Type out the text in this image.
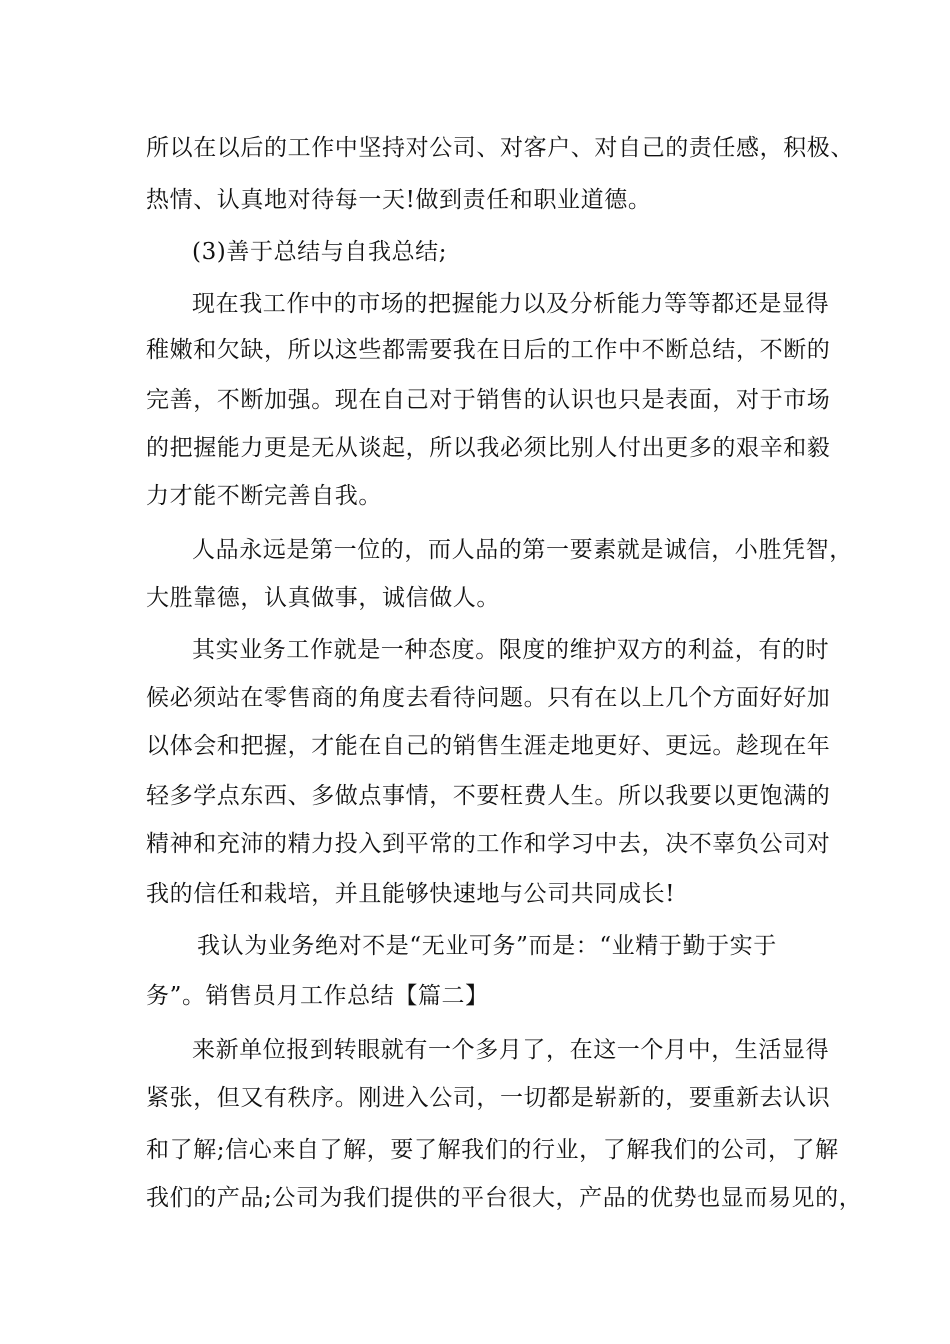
所以在以后的工作中坚持对公司、对客户、对自己的责任感，积极、
热情、认真地对待每一天!做到责任和职业道德。
(3)善于总结与自我总结;
现在我工作中的市场的把握能力以及分析能力等等都还是显得
稚嫩和欠缺，所以这些都需要我在日后的工作中不断总结，不断的
完善，不断加强。现在自己对于销售的认识也只是表面，对于市场
的把握能力更是无从谈起，所以我必须比别人付出更多的艰辛和毅
力才能不断完善自我。
人品永远是第一位的，而人品的第一要素就是诚信，小胜凭智，
大胜靠德，认真做事，诚信做人。
其实业务工作就是一种态度。限度的维护双方的利益，有的时
候必须站在零售商的角度去看待问题。只有在以上几个方面好好加
以体会和把握，才能在自己的销售生涯走地更好、更远。趁现在年
轻多学点东西、多做点事情，不要枉费人生。所以我要以更饱满的
精神和充沛的精力投入到平常的工作和学习中去，决不辜负公司对
我的信任和栽培，并且能够快速地与公司共同成长!
我认为业务绝对不是“无业可务”而是：“业精于勤于实于
务”。销售员月工作总结【篇二】
来新单位报到转眼就有一个多月了，在这一个月中，生活显得
紧张，但又有秩序。刚进入公司，一切都是崭新的，要重新去认识
和了解;信心来自了解，要了解我们的行业，了解我们的公司，了解
我们的产品;公司为我们提供的平台很大，产品的优势也显而易见的，
